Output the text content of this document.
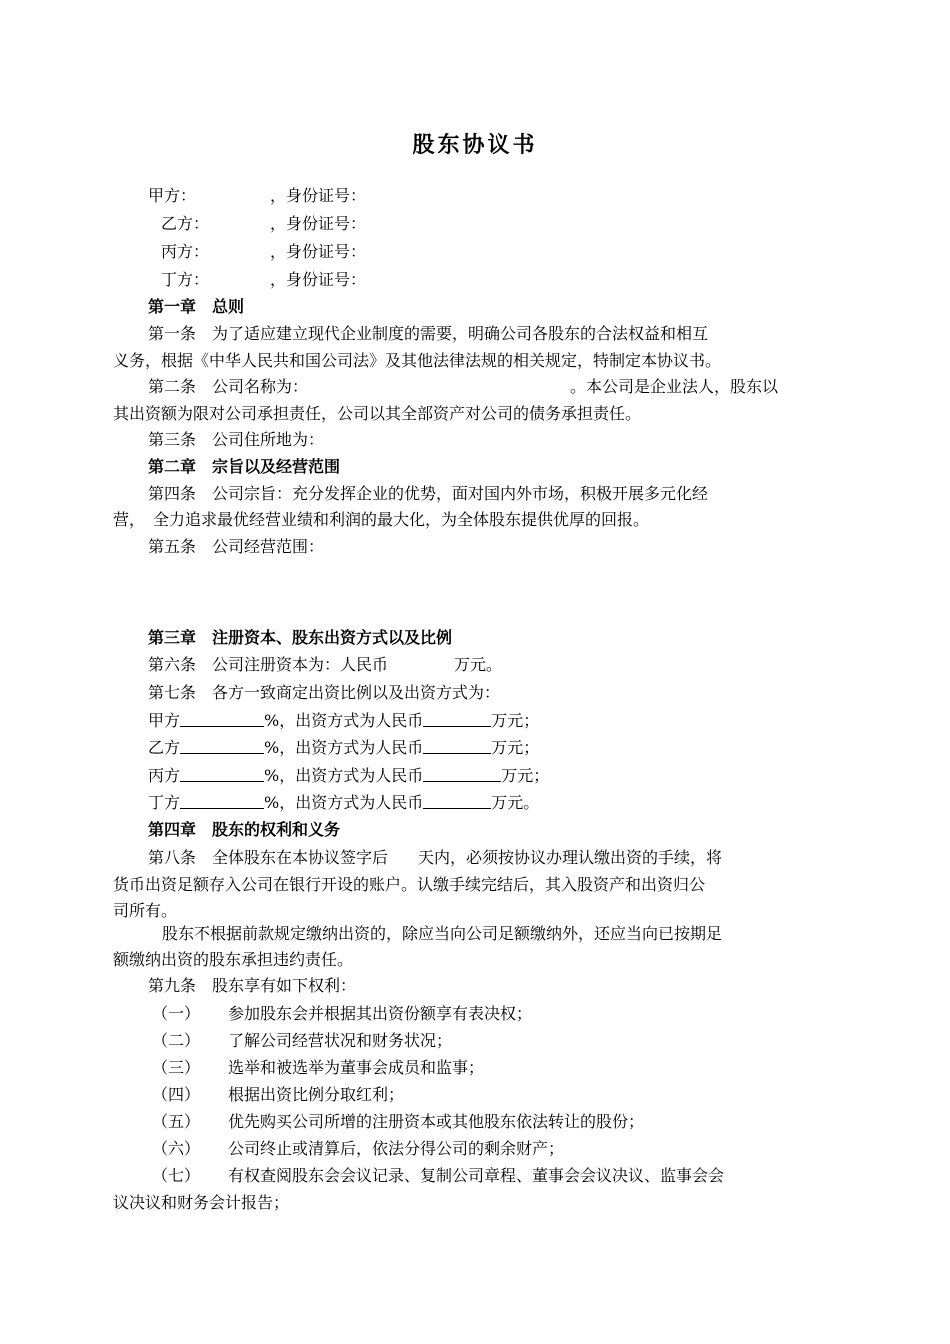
股东协议书
甲方：	，身份证号：
乙方：	，身份证号：
丙方：	，身份证号：
丁方：	，身份证号：
第一章　总则
第一条　为了适应建立现代企业制度的需要，明确公司各股东的合法权益和相互
义务，根据《中华人民共和国公司法》及其他法律法规的相关规定，特制定本协议书。
第二条　公司名称为：	。本公司是企业法人，股东以
其出资额为限对公司承担责任，公司以其全部资产对公司的债务承担责任。
第三条　公司住所地为：
第二章　宗旨以及经营范围
第四条　公司宗旨：充分发挥企业的优势，面对国内外市场，积极开展多元化经
营，　全力追求最优经营业绩和利润的最大化，为全体股东提供优厚的回报。
第五条　公司经营范围：
第三章　注册资本、股东出资方式以及比例
第六条　公司注册资本为：人民币	万元。
第七条　各方一致商定出资比例以及出资方式为：
甲方	%，出资方式为人民币	万元；
乙方	%，出资方式为人民币	万元；
丙方	%，出资方式为人民币	万元；
丁方	%，出资方式为人民币	万元。
第四章　股东的权利和义务
第八条　全体股东在本协议签字后 天内，必须按协议办理认缴出资的手续，将
货币出资足额存入公司在银行开设的账户。认缴手续完结后，其入股资产和出资归公
司所有。
股东不根据前款规定缴纳出资的，除应当向公司足额缴纳外，还应当向已按期足
额缴纳出资的股东承担违约责任。
第九条　股东享有如下权利：
（一） 参加股东会并根据其出资份额享有表决权；
（二） 了解公司经营状况和财务状况；
（三） 选举和被选举为董事会成员和监事；
（四） 根据出资比例分取红利；
（五） 优先购买公司所增的注册资本或其他股东依法转让的股份；
（六） 公司终止或清算后，依法分得公司的剩余财产；
（七） 有权查阅股东会会议记录、复制公司章程、董事会会议决议、监事会会
议决议和财务会计报告；
